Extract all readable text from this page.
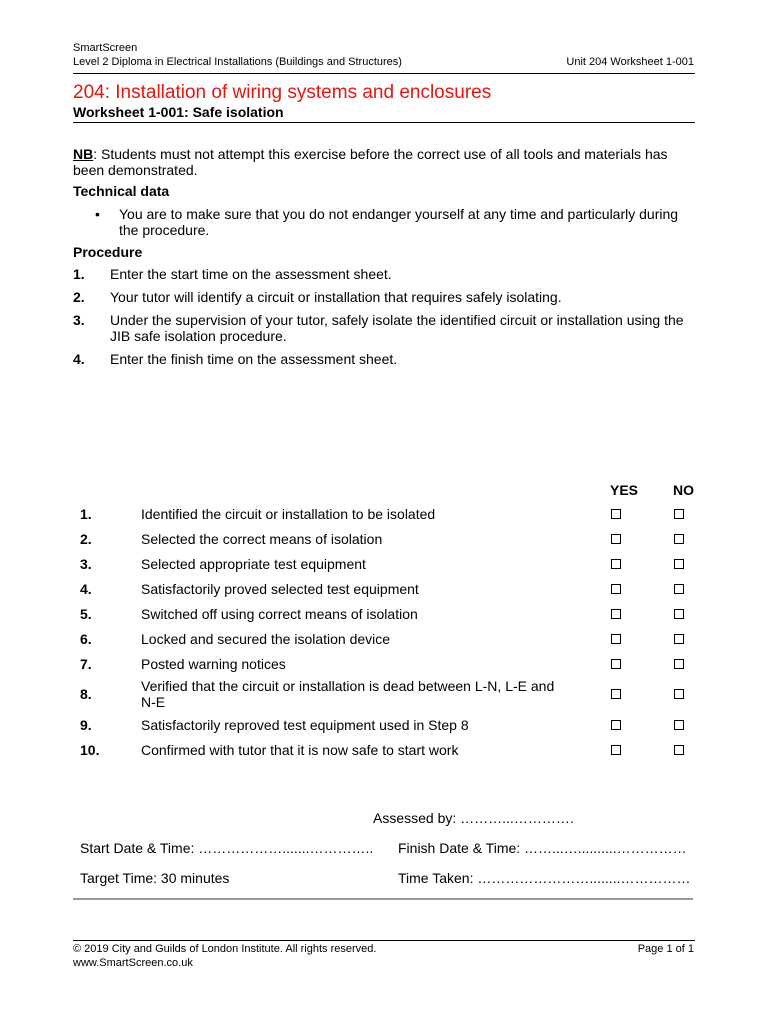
SmartScreen
Level 2 Diploma in Electrical Installations (Buildings and Structures)	Unit 204 Worksheet 1-001
204: Installation of wiring systems and enclosures
Worksheet 1-001: Safe isolation
NB: Students must not attempt this exercise before the correct use of all tools and materials has been demonstrated.
Technical data
• You are to make sure that you do not endanger yourself at any time and particularly during the procedure.
Procedure
1.	Enter the start time on the assessment sheet.
2.	Your tutor will identify a circuit or installation that requires safely isolating.
3.	Under the supervision of your tutor, safely isolate the identified circuit or installation using the JIB safe isolation procedure.
4.	Enter the finish time on the assessment sheet.
YES NO
1.	Identified the circuit or installation to be isolated
2.	Selected the correct means of isolation
3.	Selected appropriate test equipment
4.	Satisfactorily proved selected test equipment
5.	Switched off using correct means of isolation
6.	Locked and secured the isolation device
7.	Posted warning notices
8.	Verified that the circuit or installation is dead between L-N, L-E and N-E
9.	Satisfactorily reproved test equipment used in Step 8
10.	Confirmed with tutor that it is now safe to start work
Assessed by: ………...………….
Start Date & Time: ……………….......………….. Finish Date & Time: ……...…..........……………
Target Time: 30 minutes	Time Taken: ……………………........……………
© 2019 City and Guilds of London Institute. All rights reserved.	Page 1 of 1
www.SmartScreen.co.uk
